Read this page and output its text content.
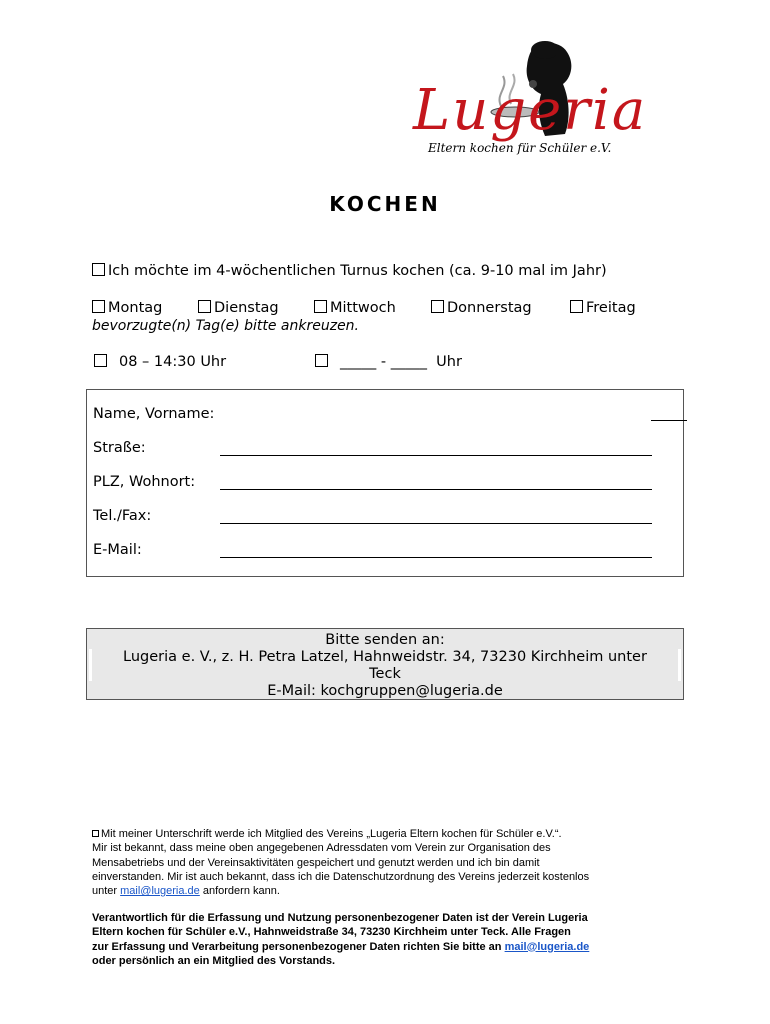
Lugeria
Eltern kochen für Schüler e.V.
KOCHEN
Ich möchte im 4-wöchentlichen Turnus kochen (ca. 9-10 mal im Jahr)
Montag	Dienstag	Mittwoch	Donnerstag	Freitag
bevorzugte(n) Tag(e) bitte ankreuzen.
08 – 14:30 Uhr	_____ - _____  Uhr
Name, Vorname:
Straße:
PLZ, Wohnort:
Tel./Fax:
E-Mail:
Bitte senden an:
Lugeria e. V., z. H. Petra Latzel, Hahnweidstr. 34, 73230 Kirchheim unter
Teck
E-Mail: kochgruppen@lugeria.de
Mit meiner Unterschrift werde ich Mitglied des Vereins „Lugeria Eltern kochen für Schüler e.V.“.
Mir ist bekannt, dass meine oben angegebenen Adressdaten vom Verein zur Organisation des
Mensabetriebs und der Vereinsaktivitäten gespeichert und genutzt werden und ich bin damit
einverstanden. Mir ist auch bekannt, dass ich die Datenschutzordnung des Vereins jederzeit kostenlos
unter mail@lugeria.de anfordern kann.
Verantwortlich für die Erfassung und Nutzung personenbezogener Daten ist der Verein Lugeria
Eltern kochen für Schüler e.V., Hahnweidstraße 34, 73230 Kirchheim unter Teck. Alle Fragen
zur Erfassung und Verarbeitung personenbezogener Daten richten Sie bitte an mail@lugeria.de
oder persönlich an ein Mitglied des Vorstands.
